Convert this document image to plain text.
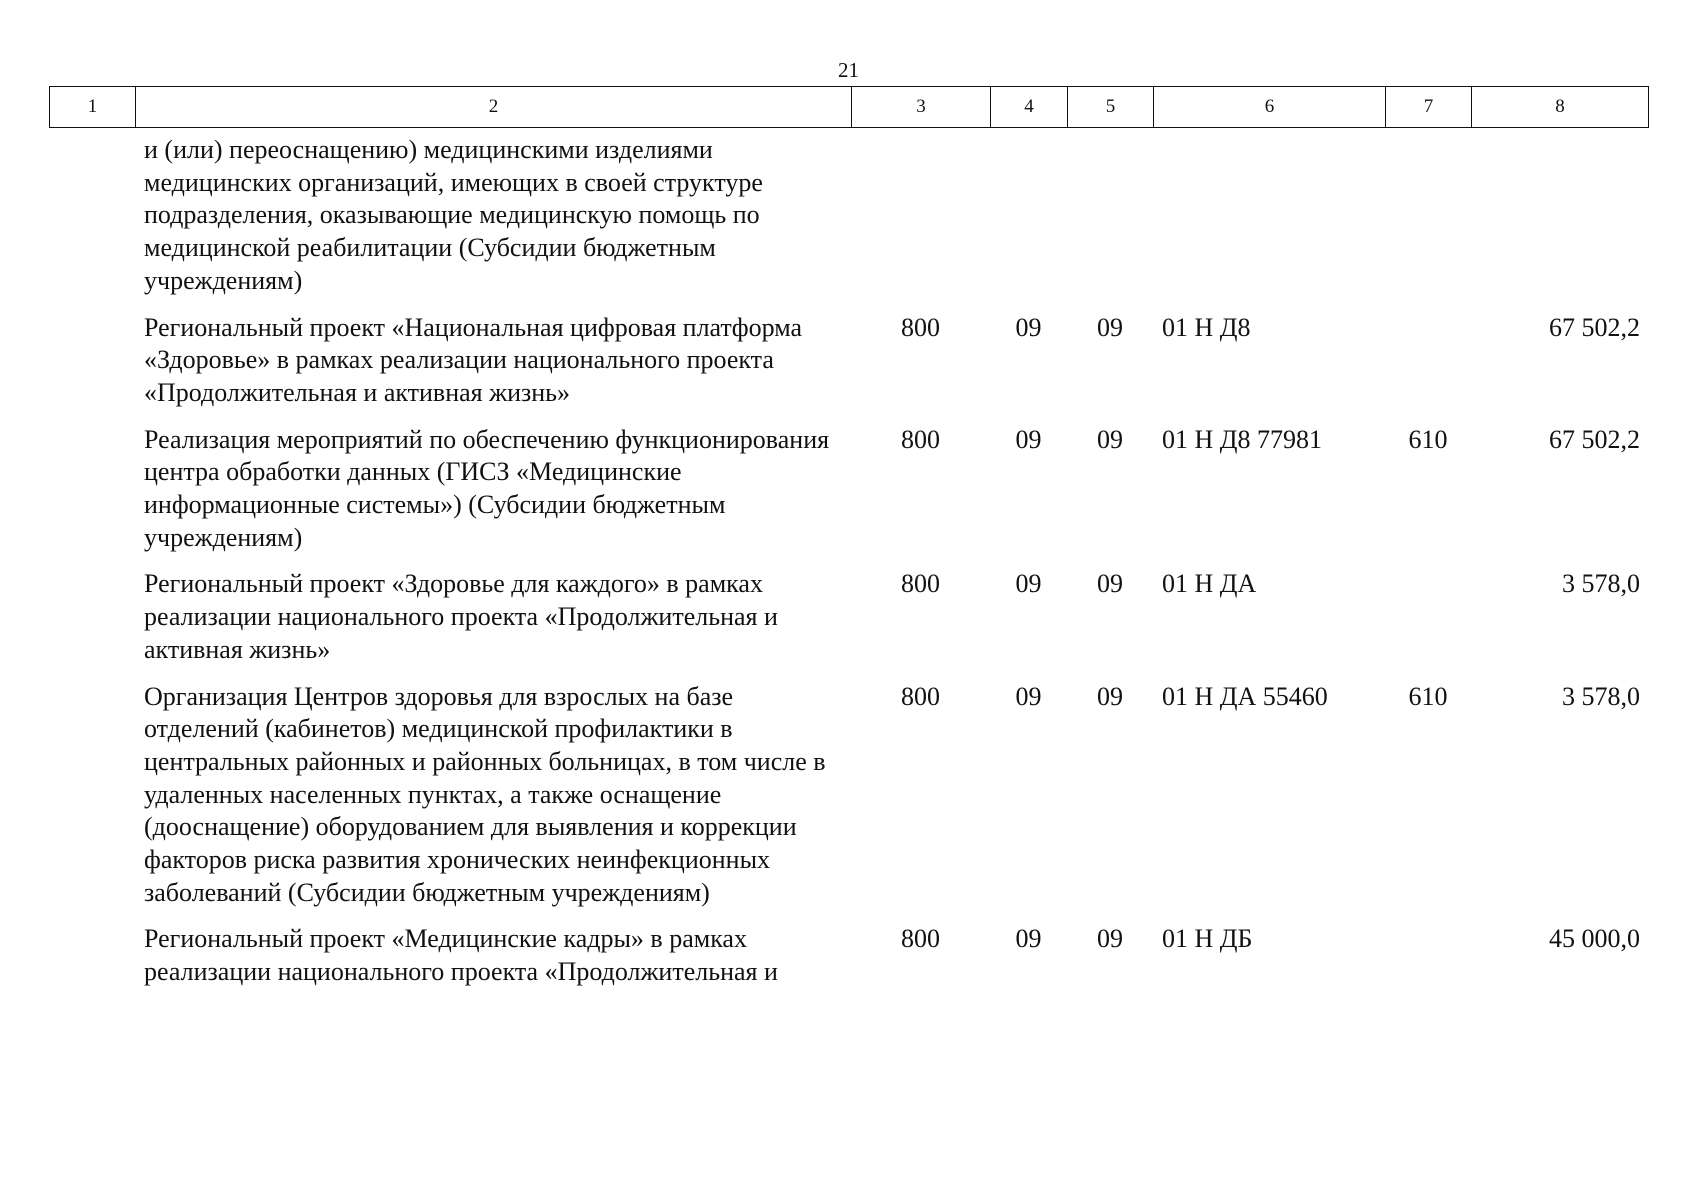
21
1	2	3	4	5	6	7	8
	и (или) переоснащению) медицинскими изделиями медицинских организаций, имеющих в своей структуре подразделения, оказывающие медицинскую помощь по медицинской реабилитации (Субсидии бюджетным учреждениям)						
	Региональный проект «Национальная цифровая платформа «Здоровье» в рамках реализации национального проекта «Продолжительная и активная жизнь»	800	09	09	01 Н Д8		67 502,2
	Реализация мероприятий по обеспечению функционирования центра обработки данных (ГИСЗ «Медицинские информационные системы») (Субсидии бюджетным учреждениям)	800	09	09	01 Н Д8 77981	610	67 502,2
	Региональный проект «Здоровье для каждого» в рамках реализации национального проекта «Продолжительная и активная жизнь»	800	09	09	01 Н ДА		3 578,0
	Организация Центров здоровья для взрослых на базе отделений (кабинетов) медицинской профилактики в центральных районных и районных больницах, в том числе в удаленных населенных пунктах, а также оснащение (дооснащение) оборудованием для выявления и коррекции факторов риска развития хронических неинфекционных заболеваний (Субсидии бюджетным учреждениям)	800	09	09	01 Н ДА 55460	610	3 578,0
	Региональный проект «Медицинские кадры» в рамках реализации национального проекта «Продолжительная и	800	09	09	01 Н ДБ		45 000,0
